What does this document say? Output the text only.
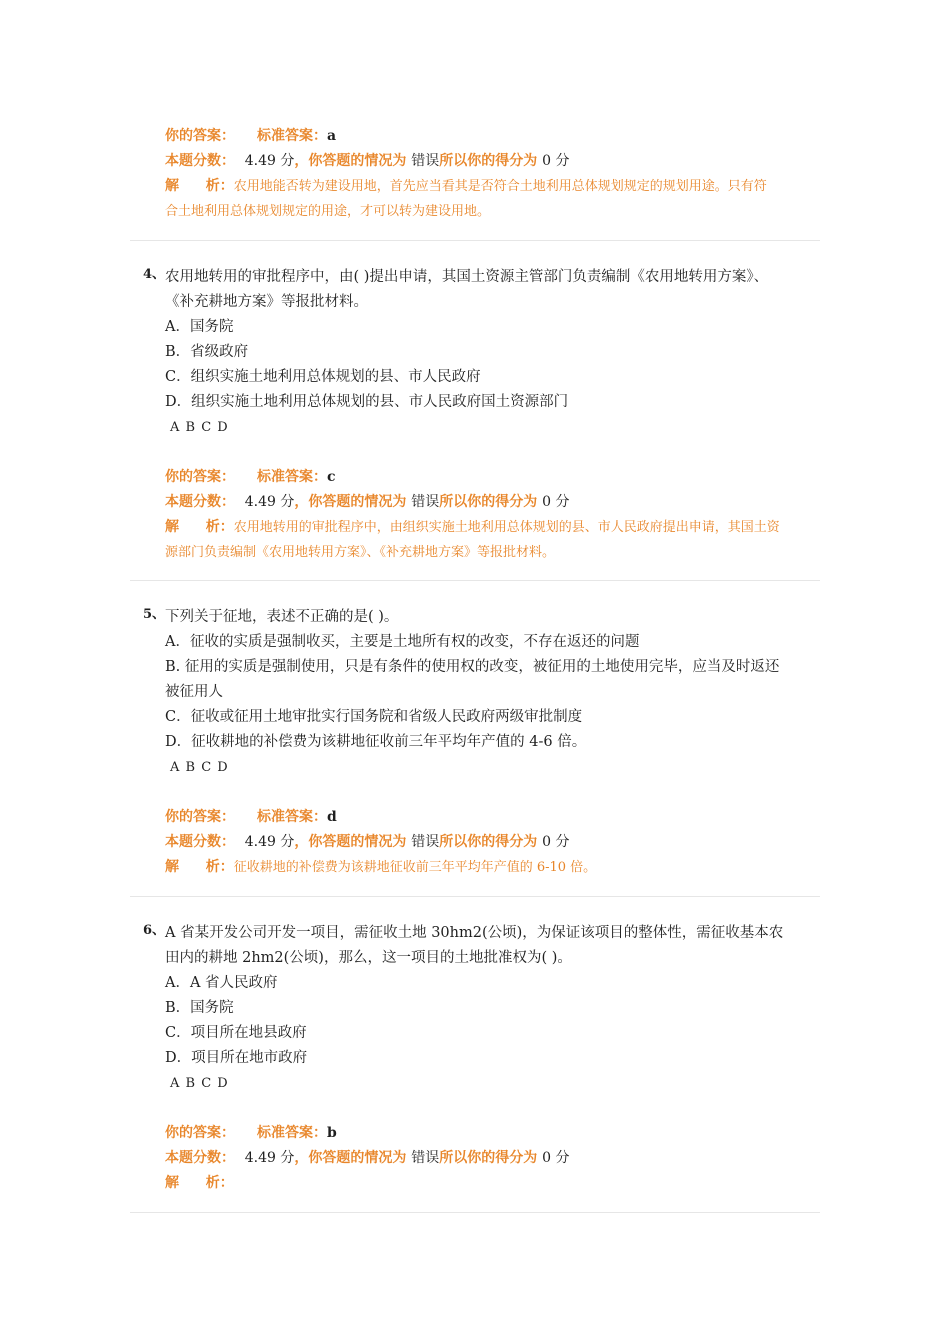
你的答案： 标准答案：a
本题分数： 4.49 分，你答题的情况为 错误所以你的得分为 0 分
解 析：农用地能否转为建设用地，首先应当看其是否符合土地利用总体规划规定的规划用途。只有符
合土地利用总体规划规定的用途，才可以转为建设用地。
4、 农用地转用的审批程序中，由( )提出申请，其国土资源主管部门负责编制《农用地转用方案》、
《补充耕地方案》等报批材料。
A．国务院
B．省级政府
C．组织实施土地利用总体规划的县、市人民政府
D．组织实施土地利用总体规划的县、市人民政府国土资源部门
A B C D
你的答案： 标准答案：c
本题分数： 4.49 分，你答题的情况为 错误所以你的得分为 0 分
解 析：农用地转用的审批程序中，由组织实施土地利用总体规划的县、市人民政府提出申请，其国土资
源部门负责编制《农用地转用方案》、《补充耕地方案》等报批材料。
5、 下列关于征地，表述不正确的是( )。
A．征收的实质是强制收买，主要是土地所有权的改变，不存在返还的问题
B. 征用的实质是强制使用，只是有条件的使用权的改变，被征用的土地使用完毕，应当及时返还
被征用人
C．征收或征用土地审批实行国务院和省级人民政府两级审批制度
D．征收耕地的补偿费为该耕地征收前三年平均年产值的 4-6 倍。
A B C D
你的答案： 标准答案：d
本题分数： 4.49 分，你答题的情况为 错误所以你的得分为 0 分
解 析：征收耕地的补偿费为该耕地征收前三年平均年产值的 6-10 倍。
6、 A 省某开发公司开发一项目，需征收土地 30hm2(公顷)，为保证该项目的整体性，需征收基本农
田内的耕地 2hm2(公顷)，那么，这一项目的土地批准权为( )。
A．A 省人民政府
B．国务院
C．项目所在地县政府
D．项目所在地市政府
A B C D
你的答案： 标准答案：b
本题分数： 4.49 分，你答题的情况为 错误所以你的得分为 0 分
解 析：
